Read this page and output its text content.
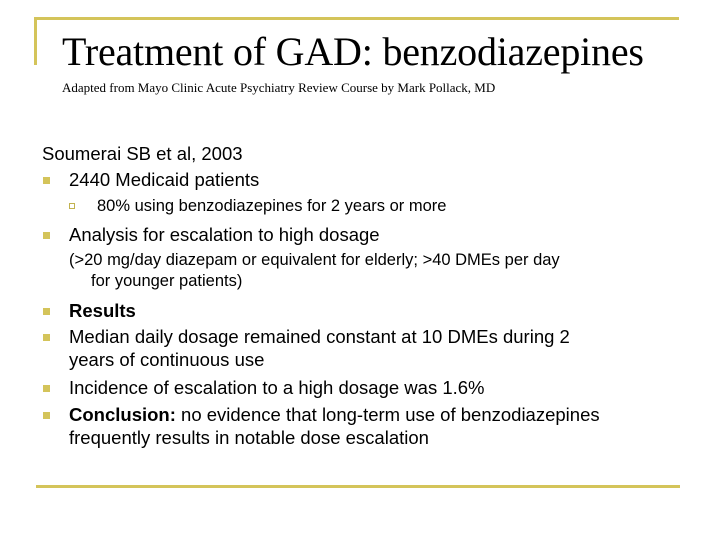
Treatment of GAD: benzodiazepines

Adapted from Mayo Clinic Acute Psychiatry Review Course by Mark Pollack, MD

Soumerai SB et al, 2003
2440 Medicaid patients
80% using benzodiazepines for 2 years or more
Analysis for escalation to high dosage
(>20 mg/day diazepam or equivalent for elderly; >40 DMEs per day
for younger patients)
Results
Median daily dosage remained constant at 10 DMEs during 2
years of continuous use
Incidence of escalation to a high dosage was 1.6%
Conclusion: no evidence that long-term use of benzodiazepines
frequently results in notable dose escalation
